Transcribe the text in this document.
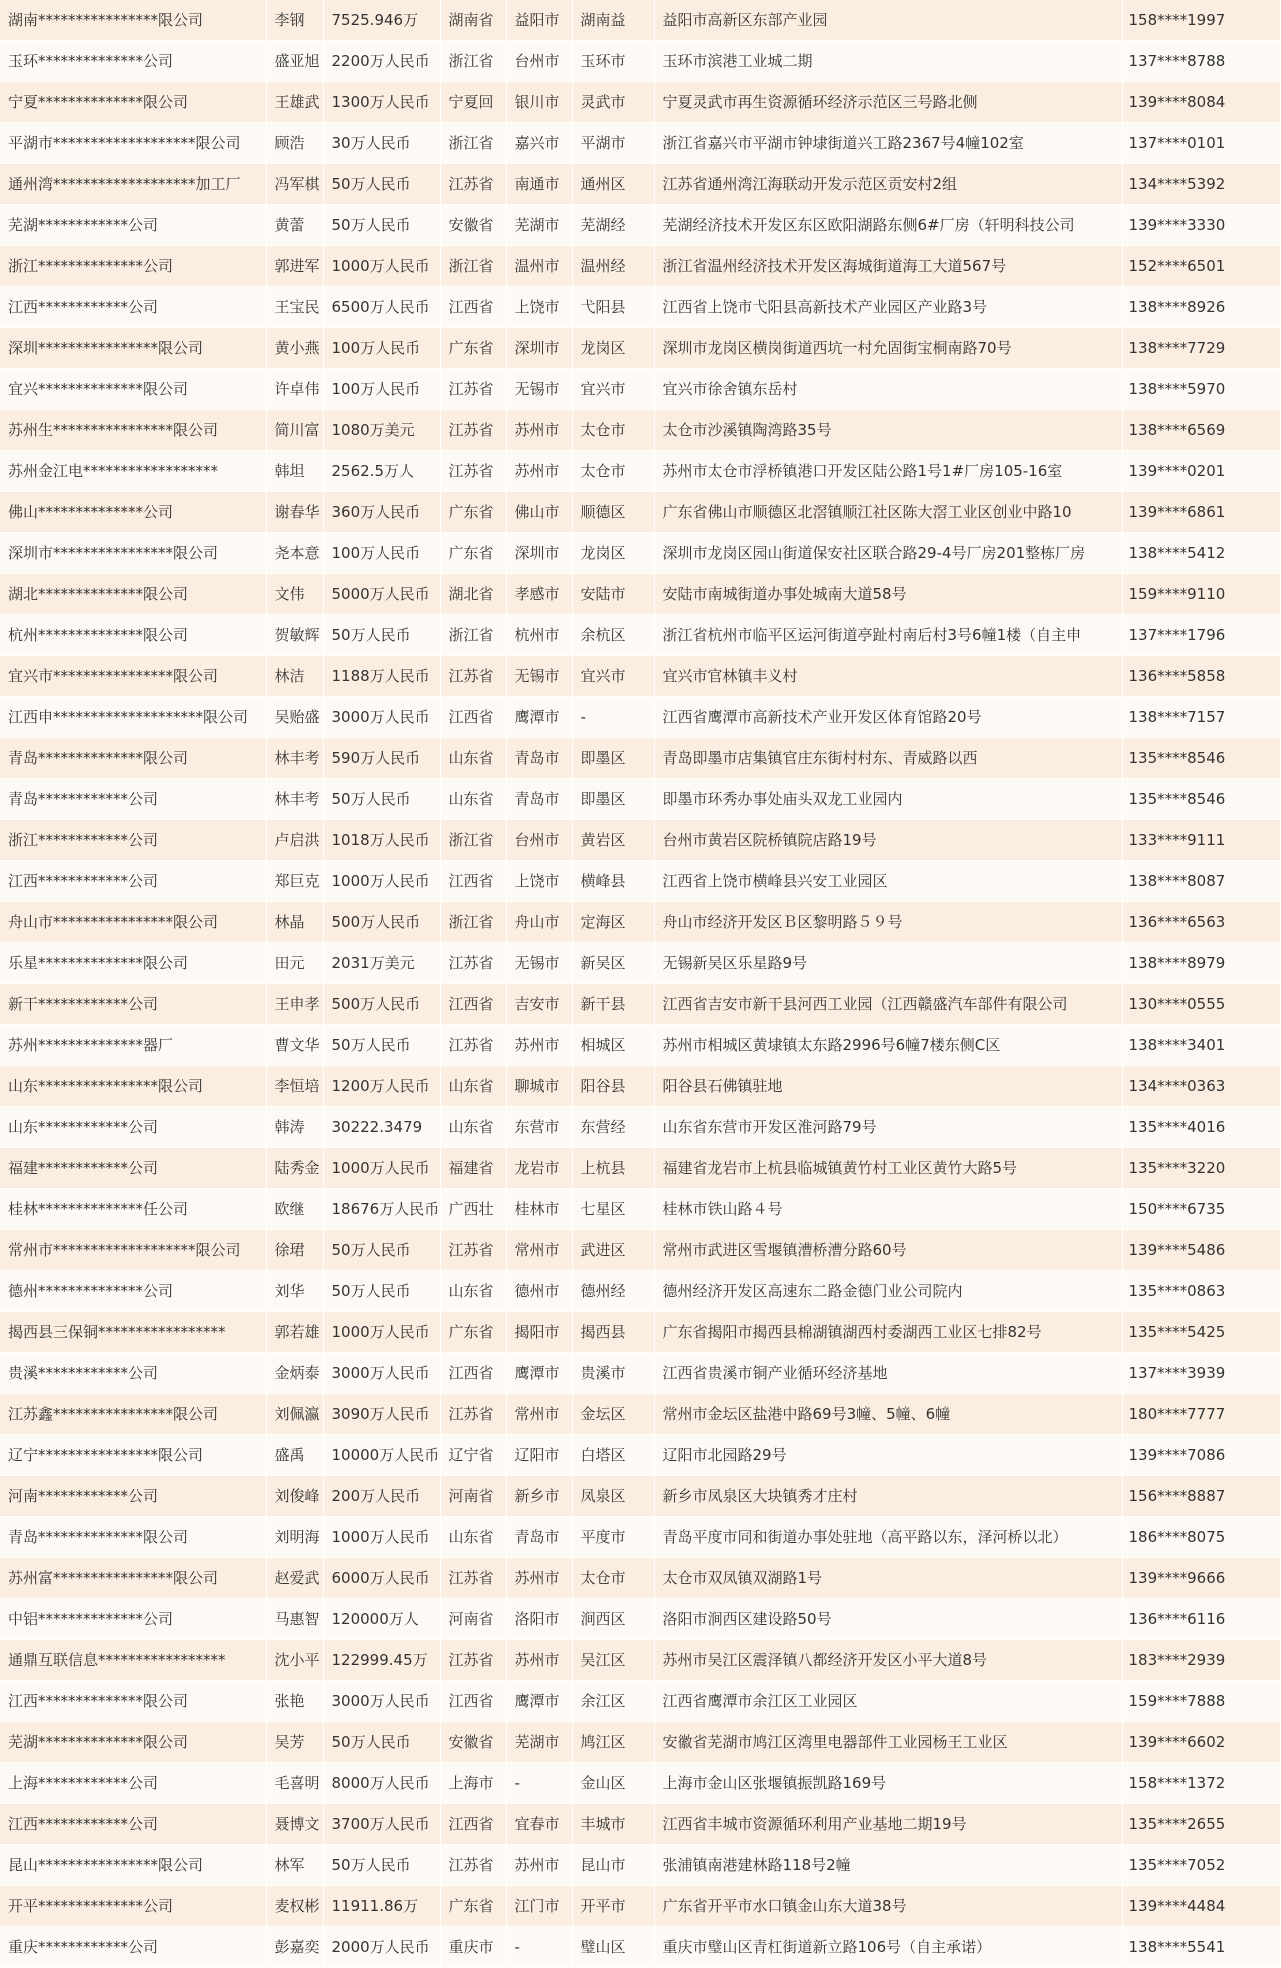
湖南****************限公司	李钢	7525.946万	湖南省	益阳市	湖南益	益阳市高新区东部产业园	158****1997
玉环**************公司	盛亚旭	2200万人民币	浙江省	台州市	玉环市	玉环市滨港工业城二期	137****8788
宁夏**************限公司	王雄武	1300万人民币	宁夏回	银川市	灵武市	宁夏灵武市再生资源循环经济示范区三号路北侧	139****8084
平湖市*******************限公司	顾浩	30万人民币	浙江省	嘉兴市	平湖市	浙江省嘉兴市平湖市钟埭街道兴工路2367号4幢102室	137****0101
通州湾*******************加工厂	冯军棋	50万人民币	江苏省	南通市	通州区	江苏省通州湾江海联动开发示范区贡安村2组	134****5392
芜湖************公司	黄蕾	50万人民币	安徽省	芜湖市	芜湖经	芜湖经济技术开发区东区欧阳湖路东侧6#厂房（轩明科技公司	139****3330
浙江**************公司	郭进军	1000万人民币	浙江省	温州市	温州经	浙江省温州经济技术开发区海城街道海工大道567号	152****6501
江西************公司	王宝民	6500万人民币	江西省	上饶市	弋阳县	江西省上饶市弋阳县高新技术产业园区产业路3号	138****8926
深圳****************限公司	黄小燕	100万人民币	广东省	深圳市	龙岗区	深圳市龙岗区横岗街道西坑一村允固街宝桐南路70号	138****7729
宜兴**************限公司	许卓伟	100万人民币	江苏省	无锡市	宜兴市	宜兴市徐舍镇东岳村	138****5970
苏州生****************限公司	简川富	1080万美元	江苏省	苏州市	太仓市	太仓市沙溪镇陶湾路35号	138****6569
苏州金江电******************	韩坦	2562.5万人	江苏省	苏州市	太仓市	苏州市太仓市浮桥镇港口开发区陆公路1号1#厂房105-16室	139****0201
佛山**************公司	谢春华	360万人民币	广东省	佛山市	顺德区	广东省佛山市顺德区北滘镇顺江社区陈大滘工业区创业中路10	139****6861
深圳市****************限公司	尧本意	100万人民币	广东省	深圳市	龙岗区	深圳市龙岗区园山街道保安社区联合路29-4号厂房201整栋厂房	138****5412
湖北**************限公司	文伟	5000万人民币	湖北省	孝感市	安陆市	安陆市南城街道办事处城南大道58号	159****9110
杭州**************限公司	贺敏辉	50万人民币	浙江省	杭州市	余杭区	浙江省杭州市临平区运河街道亭趾村南后村3号6幢1楼（自主申	137****1796
宜兴市****************限公司	林洁	1188万人民币	江苏省	无锡市	宜兴市	宜兴市官林镇丰义村	136****5858
江西申********************限公司	吴贻盛	3000万人民币	江西省	鹰潭市	-	江西省鹰潭市高新技术产业开发区体育馆路20号	138****7157
青岛**************限公司	林丰考	590万人民币	山东省	青岛市	即墨区	青岛即墨市店集镇官庄东街村村东、青威路以西	135****8546
青岛************公司	林丰考	50万人民币	山东省	青岛市	即墨区	即墨市环秀办事处庙头双龙工业园内	135****8546
浙江************公司	卢启洪	1018万人民币	浙江省	台州市	黄岩区	台州市黄岩区院桥镇院店路19号	133****9111
江西************公司	郑巨克	1000万人民币	江西省	上饶市	横峰县	江西省上饶市横峰县兴安工业园区	138****8087
舟山市****************限公司	林晶	500万人民币	浙江省	舟山市	定海区	舟山市经济开发区Ｂ区黎明路５９号	136****6563
乐星**************限公司	田元	2031万美元	江苏省	无锡市	新吴区	无锡新吴区乐星路9号	138****8979
新干************公司	王申孝	500万人民币	江西省	吉安市	新干县	江西省吉安市新干县河西工业园（江西赣盛汽车部件有限公司	130****0555
苏州**************器厂	曹文华	50万人民币	江苏省	苏州市	相城区	苏州市相城区黄埭镇太东路2996号6幢7楼东侧C区	138****3401
山东****************限公司	李恒培	1200万人民币	山东省	聊城市	阳谷县	阳谷县石佛镇驻地	134****0363
山东************公司	韩涛	30222.3479	山东省	东营市	东营经	山东省东营市开发区淮河路79号	135****4016
福建************公司	陆秀金	1000万人民币	福建省	龙岩市	上杭县	福建省龙岩市上杭县临城镇黄竹村工业区黄竹大路5号	135****3220
桂林**************任公司	欧继	18676万人民币	广西壮	桂林市	七星区	桂林市铁山路４号	150****6735
常州市*******************限公司	徐珺	50万人民币	江苏省	常州市	武进区	常州市武进区雪堰镇漕桥漕分路60号	139****5486
德州**************公司	刘华	50万人民币	山东省	德州市	德州经	德州经济开发区高速东二路金德门业公司院内	135****0863
揭西县三保铜*****************	郭若雄	1000万人民币	广东省	揭阳市	揭西县	广东省揭阳市揭西县棉湖镇湖西村委湖西工业区七排82号	135****5425
贵溪************公司	金炳泰	3000万人民币	江西省	鹰潭市	贵溪市	江西省贵溪市铜产业循环经济基地	137****3939
江苏鑫****************限公司	刘佩瀛	3090万人民币	江苏省	常州市	金坛区	常州市金坛区盐港中路69号3幢、5幢、6幢	180****7777
辽宁****************限公司	盛禹	10000万人民币	辽宁省	辽阳市	白塔区	辽阳市北园路29号	139****7086
河南************公司	刘俊峰	200万人民币	河南省	新乡市	凤泉区	新乡市凤泉区大块镇秀才庄村	156****8887
青岛**************限公司	刘明海	1000万人民币	山东省	青岛市	平度市	青岛平度市同和街道办事处驻地（高平路以东，泽河桥以北）	186****8075
苏州富****************限公司	赵爱武	6000万人民币	江苏省	苏州市	太仓市	太仓市双凤镇双湖路1号	139****9666
中铝**************公司	马惠智	120000万人	河南省	洛阳市	涧西区	洛阳市涧西区建设路50号	136****6116
通鼎互联信息*****************	沈小平	122999.45万	江苏省	苏州市	吴江区	苏州市吴江区震泽镇八都经济开发区小平大道8号	183****2939
江西**************限公司	张艳	3000万人民币	江西省	鹰潭市	余江区	江西省鹰潭市余江区工业园区	159****7888
芜湖**************限公司	吴芳	50万人民币	安徽省	芜湖市	鸠江区	安徽省芜湖市鸠江区湾里电器部件工业园杨王工业区	139****6602
上海************公司	毛喜明	8000万人民币	上海市	-	金山区	上海市金山区张堰镇振凯路169号	158****1372
江西************公司	聂博文	3700万人民币	江西省	宜春市	丰城市	江西省丰城市资源循环利用产业基地二期19号	135****2655
昆山****************限公司	林军	50万人民币	江苏省	苏州市	昆山市	张浦镇南港建林路118号2幢	135****7052
开平**************公司	麦权彬	11911.86万	广东省	江门市	开平市	广东省开平市水口镇金山东大道38号	139****4484
重庆************公司	彭嘉奕	2000万人民币	重庆市	-	璧山区	重庆市璧山区青杠街道新立路106号（自主承诺）	138****5541
